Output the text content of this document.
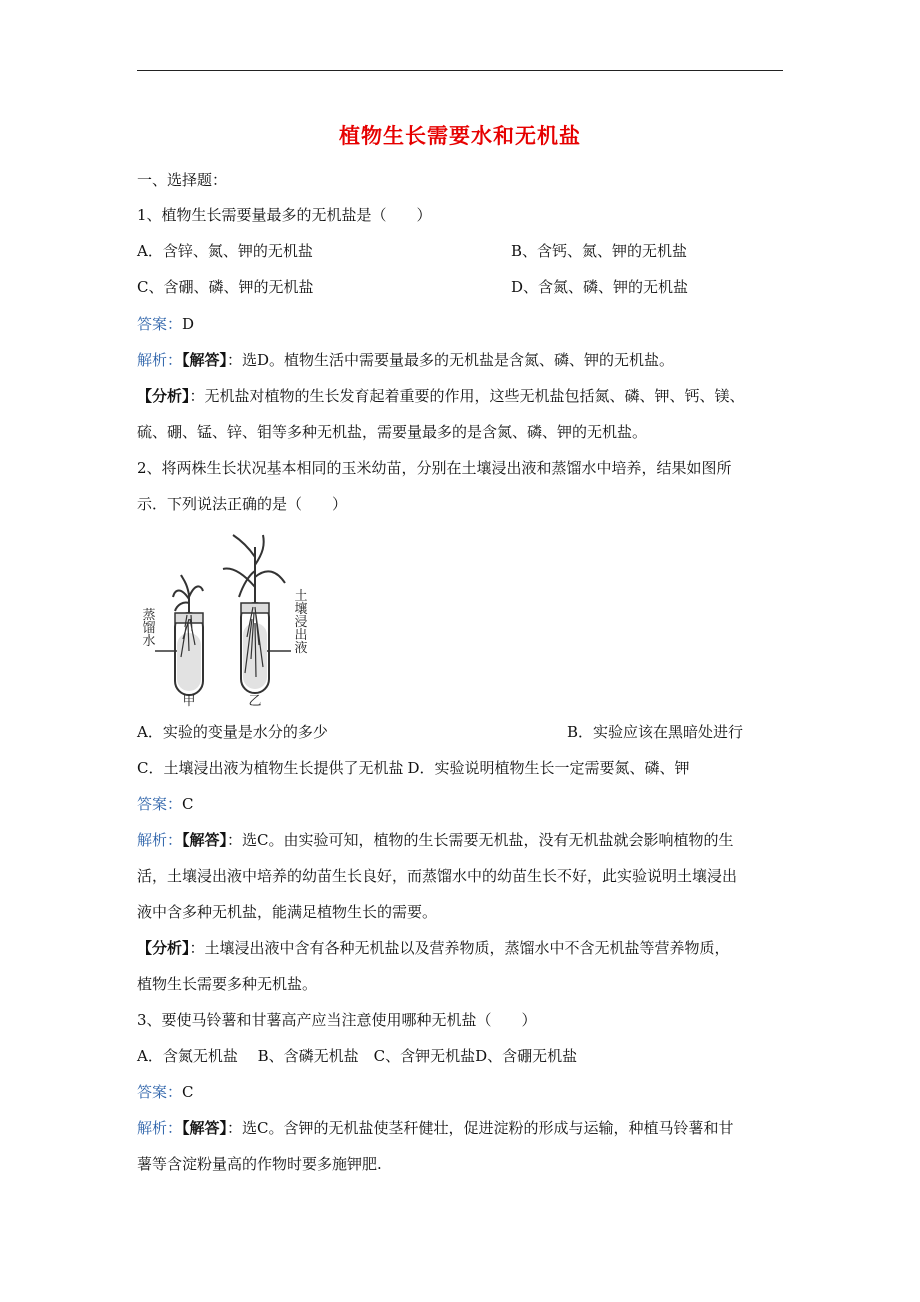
植物生长需要水和无机盐
一、选择题：
1、植物生长需要量最多的无机盐是（　　）
A．含锌、氮、钾的无机盐	B、含钙、氮、钾的无机盐
C、含硼、磷、钾的无机盐	D、含氮、磷、钾的无机盐
答案：D
解析：【解答】：选D。植物生活中需要量最多的无机盐是含氮、磷、钾的无机盐。
【分析】：无机盐对植物的生长发育起着重要的作用，这些无机盐包括氮、磷、钾、钙、镁、
硫、硼、锰、锌、钼等多种无机盐，需要量最多的是含氮、磷、钾的无机盐。
2、将两株生长状况基本相同的玉米幼苗，分别在土壤浸出液和蒸馏水中培养，结果如图所
示．下列说法正确的是（　　）
蒸馏水	土壤浸出液
甲	乙
A．实验的变量是水分的多少	B．实验应该在黑暗处进行
C．土壤浸出液为植物生长提供了无机盐 D．实验说明植物生长一定需要氮、磷、钾
答案：C
解析：【解答】：选C。由实验可知，植物的生长需要无机盐，没有无机盐就会影响植物的生
活，土壤浸出液中培养的幼苗生长良好，而蒸馏水中的幼苗生长不好，此实验说明土壤浸出
液中含多种无机盐，能满足植物生长的需要。
【分析】：土壤浸出液中含有各种无机盐以及营养物质，蒸馏水中不含无机盐等营养物质，
植物生长需要多种无机盐。
3、要使马铃薯和甘薯高产应当注意使用哪种无机盐（　　）
A．含氮无机盐　 B、含磷无机盐　C、含钾无机盐D、含硼无机盐
答案：C
解析：【解答】：选C。含钾的无机盐使茎秆健壮，促进淀粉的形成与运输，种植马铃薯和甘
薯等含淀粉量高的作物时要多施钾肥.
